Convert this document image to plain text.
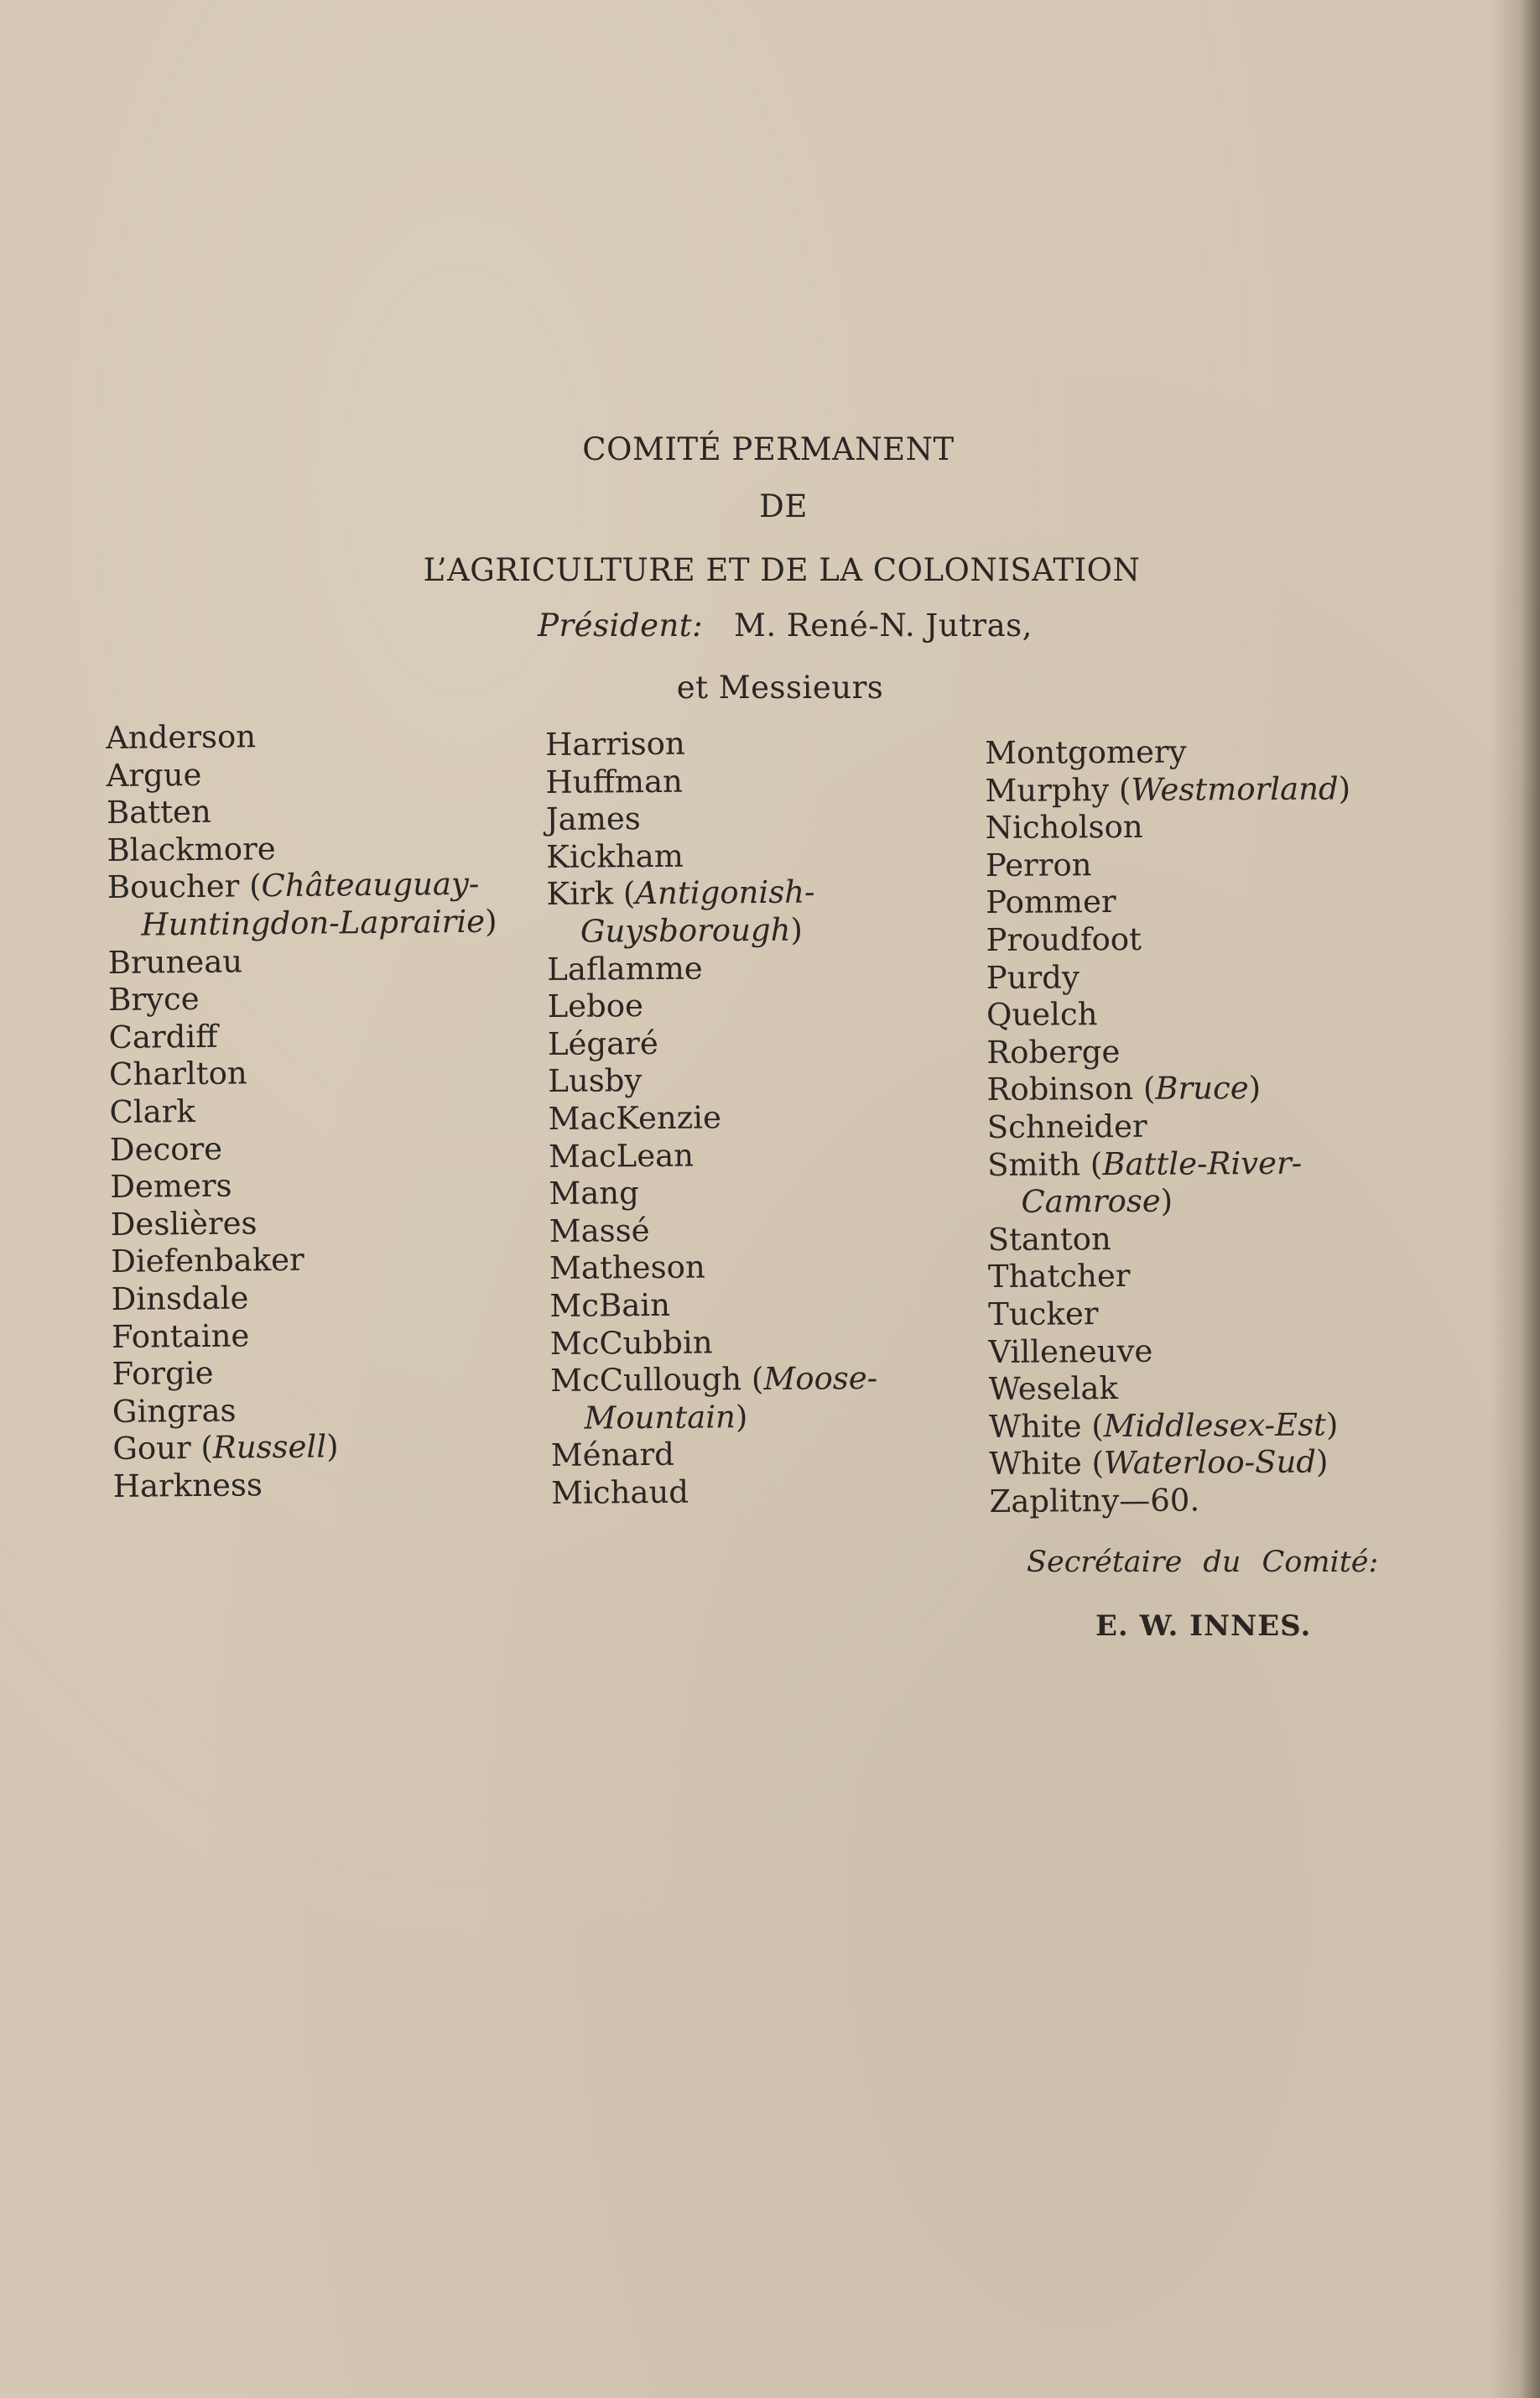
COMITÉ PERMANENT
DE
L’AGRICULTURE ET DE LA COLONISATION
Président: M. René-N. Jutras,
et Messieurs
Anderson
Argue
Batten
Blackmore
Boucher (Châteauguay-
Huntingdon-Laprairie)
Bruneau
Bryce
Cardiff
Charlton
Clark
Decore
Demers
Deslières
Diefenbaker
Dinsdale
Fontaine
Forgie
Gingras
Gour (Russell)
Harkness
Harrison
Huffman
James
Kickham
Kirk (Antigonish-
Guysborough)
Laflamme
Leboe
Légaré
Lusby
MacKenzie
MacLean
Mang
Massé
Matheson
McBain
McCubbin
McCullough (Moose-
Mountain)
Ménard
Michaud
Montgomery
Murphy (Westmorland)
Nicholson
Perron
Pommer
Proudfoot
Purdy
Quelch
Roberge
Robinson (Bruce)
Schneider
Smith (Battle-River-
Camrose)
Stanton
Thatcher
Tucker
Villeneuve
Weselak
White (Middlesex-Est)
White (Waterloo-Sud)
Zaplitny—60.
Secrétaire du Comité:
E. W. INNES.
